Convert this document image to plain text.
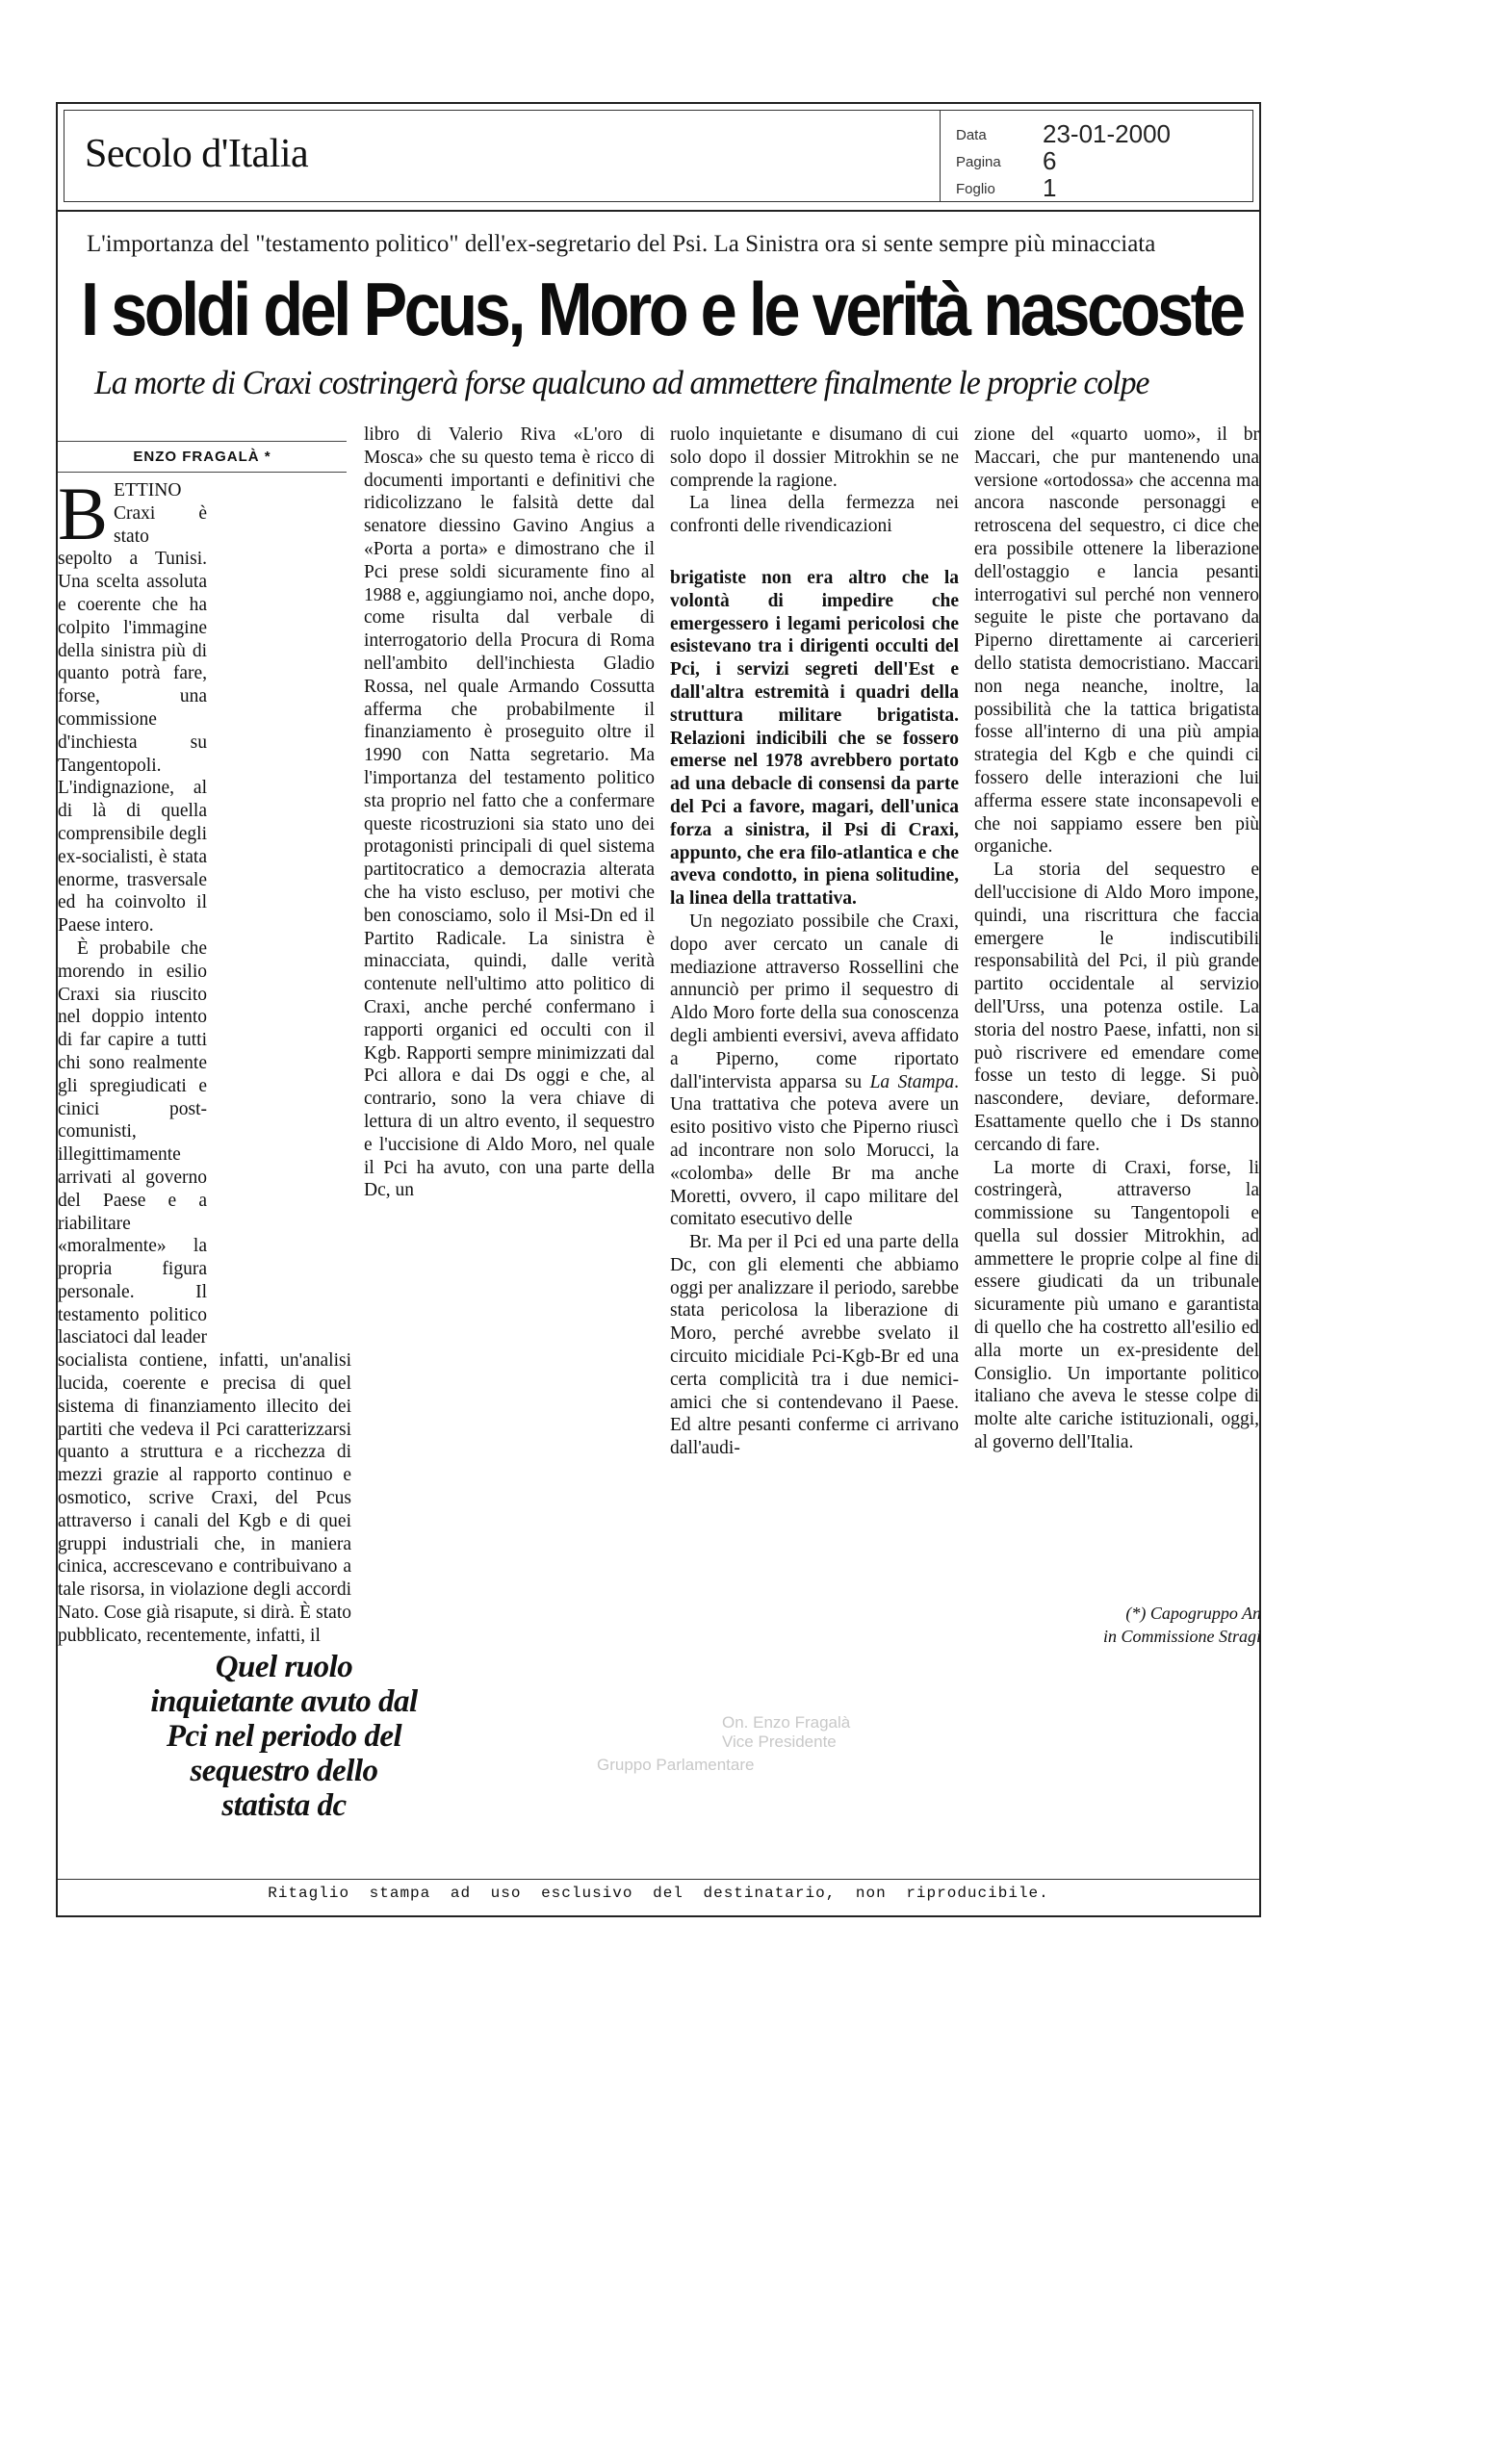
Secolo d'Italia	Data 23-01-2000
Pagina 6
Foglio 1
L'importanza del "testamento politico" dell'ex-segretario del Psi. La Sinistra ora si sente sempre più minacciata
I soldi del Pcus, Moro e le verità nascoste
La morte di Craxi costringerà forse qualcuno ad ammettere finalmente le proprie colpe
ENZO FRAGALÀ *
B ETTINO Craxi è stato sepolto a Tunisi. Una scelta assoluta e coerente che ha colpito l'immagine della sinistra più di quanto potrà fare, forse, una commissione d'inchiesta su Tangentopoli. L'indignazione, al di là di quella comprensibile degli ex-socialisti, è stata enorme, trasversale ed ha coinvolto il Paese intero.

È probabile che morendo in esilio Craxi sia riuscito nel doppio intento di far capire a tutti chi sono realmente gli spregiudicati e cinici post-comunisti, illegittimamente arrivati al governo del Paese e a riabilitare «moralmente» la propria figura personale. Il testamento politico lasciatoci dal leader socialista contiene, infatti, un'analisi lucida, coerente e precisa di quel sistema di finanziamento illecito dei partiti che vedeva il Pci caratterizzarsi quanto a struttura e a ricchezza di mezzi grazie al rapporto continuo e osmotico, scrive Craxi, del Pcus attraverso i canali del Kgb e di quei gruppi industriali che, in maniera cinica, accrescevano e contribuivano a tale risorsa, in violazione degli accordi Nato. Cose già risapute, si dirà. È stato pubblicato, recentemente, infatti, il

libro di Valerio Riva «L'oro di Mosca» che su questo tema è ricco di documenti importanti e definitivi che ridicolizzano le falsità dette dal senatore diessino Gavino Angius a «Porta a porta» e dimostrano che il Pci prese soldi sicuramente fino al 1988 e, aggiungiamo noi, anche dopo, come risulta dal verbale di interrogatorio della Procura di Roma nell'ambito dell'inchiesta Gladio Rossa, nel quale Armando Cossutta afferma che probabilmente il finanziamento è proseguito oltre il 1990 con Natta segretario. Ma l'importanza del testamento politico sta proprio nel fatto che a confermare queste ricostruzioni sia stato uno dei protagonisti principali di quel sistema partitocratico a democrazia alterata che ha visto escluso, per motivi che ben conosciamo, solo il Msi-Dn ed il Partito Radicale. La sinistra è minacciata, quindi, dalle verità contenute nell'ultimo atto politico di Craxi, anche perché confermano i rapporti organici ed occulti con il Kgb. Rapporti sempre minimizzati dal Pci allora e dai Ds oggi e che, al contrario, sono la vera chiave di lettura di un altro evento, il sequestro e l'uccisione di Aldo Moro, nel quale il Pci ha avuto, con una parte della Dc, un

ruolo inquietante e disumano di cui solo dopo il dossier Mitrokhin se ne comprende la ragione.

La linea della fermezza nei confronti delle rivendicazioni

brigatiste non era altro che la volontà di impedire che emergessero i legami pericolosi che esistevano tra i dirigenti occulti del Pci, i servizi segreti dell'Est e dall'altra estremità i quadri della struttura militare brigatista. Relazioni indicibili che se fossero emerse nel 1978 avrebbero portato ad una debacle di consensi da parte del Pci a favore, magari, dell'unica forza a sinistra, il Psi di Craxi, appunto, che era filo-atlantica e che aveva condotto, in piena solitudine, la linea della trattativa.

Un negoziato possibile che Craxi, dopo aver cercato un canale di mediazione attraverso Rossellini che annunciò per primo il sequestro di Aldo Moro forte della sua conoscenza degli ambienti eversivi, aveva affidato a Piperno, come riportato dall'intervista apparsa su La Stampa. Una trattativa che poteva avere un esito positivo visto che Piperno riuscì ad incontrare non solo Morucci, la «colomba» delle Br ma anche Moretti, ovvero, il capo militare del comitato esecutivo delle

Br. Ma per il Pci ed una parte della Dc, con gli elementi che abbiamo oggi per analizzare il periodo, sarebbe stata pericolosa la liberazione di Moro, perché avrebbe svelato il circuito micidiale Pci-Kgb-Br ed una certa complicità tra i due nemici-amici che si contendevano il Paese. Ed altre pesanti conferme ci arrivano dall'audi-

zione del «quarto uomo», il br Maccari, che pur mantenendo una versione «ortodossa» che accenna ma ancora nasconde personaggi e retroscena del sequestro, ci dice che era possibile ottenere la liberazione dell'ostaggio e lancia pesanti interrogativi sul perché non vennero seguite le piste che portavano da Piperno direttamente ai carcerieri dello statista democristiano. Maccari non nega neanche, inoltre, la possibilità che la tattica brigatista fosse all'interno di una più ampia strategia del Kgb e che quindi ci fossero delle interazioni che lui afferma essere state inconsapevoli e che noi sappiamo essere ben più organiche.

La storia del sequestro e dell'uccisione di Aldo Moro impone, quindi, una riscrittura che faccia emergere le indiscutibili responsabilità del Pci, il più grande partito occidentale al servizio dell'Urss, una potenza ostile. La storia del nostro Paese, infatti, non si può riscrivere ed emendare come fosse un testo di legge. Si può nascondere, deviare, deformare. Esattamente quello che i Ds stanno cercando di fare.

La morte di Craxi, forse, li costringerà, attraverso la commissione su Tangentopoli e quella sul dossier Mitrokhin, ad ammettere le proprie colpe al fine di essere giudicati da un tribunale sicuramente più umano e garantista di quello che ha costretto all'esilio ed alla morte un ex-presidente del Consiglio. Un importante politico italiano che aveva le stesse colpe di molte alte cariche istituzionali, oggi, al governo dell'Italia.

(*) Capogruppo An
in Commissione Stragi
Quel ruolo inquietante avuto dal Pci nel periodo del sequestro dello statista dc
On. Enzo Fragalà
Vice Presidente
Gruppo Parlamentare
Ritaglio stampa ad uso esclusivo del destinatario, non riproducibile.
